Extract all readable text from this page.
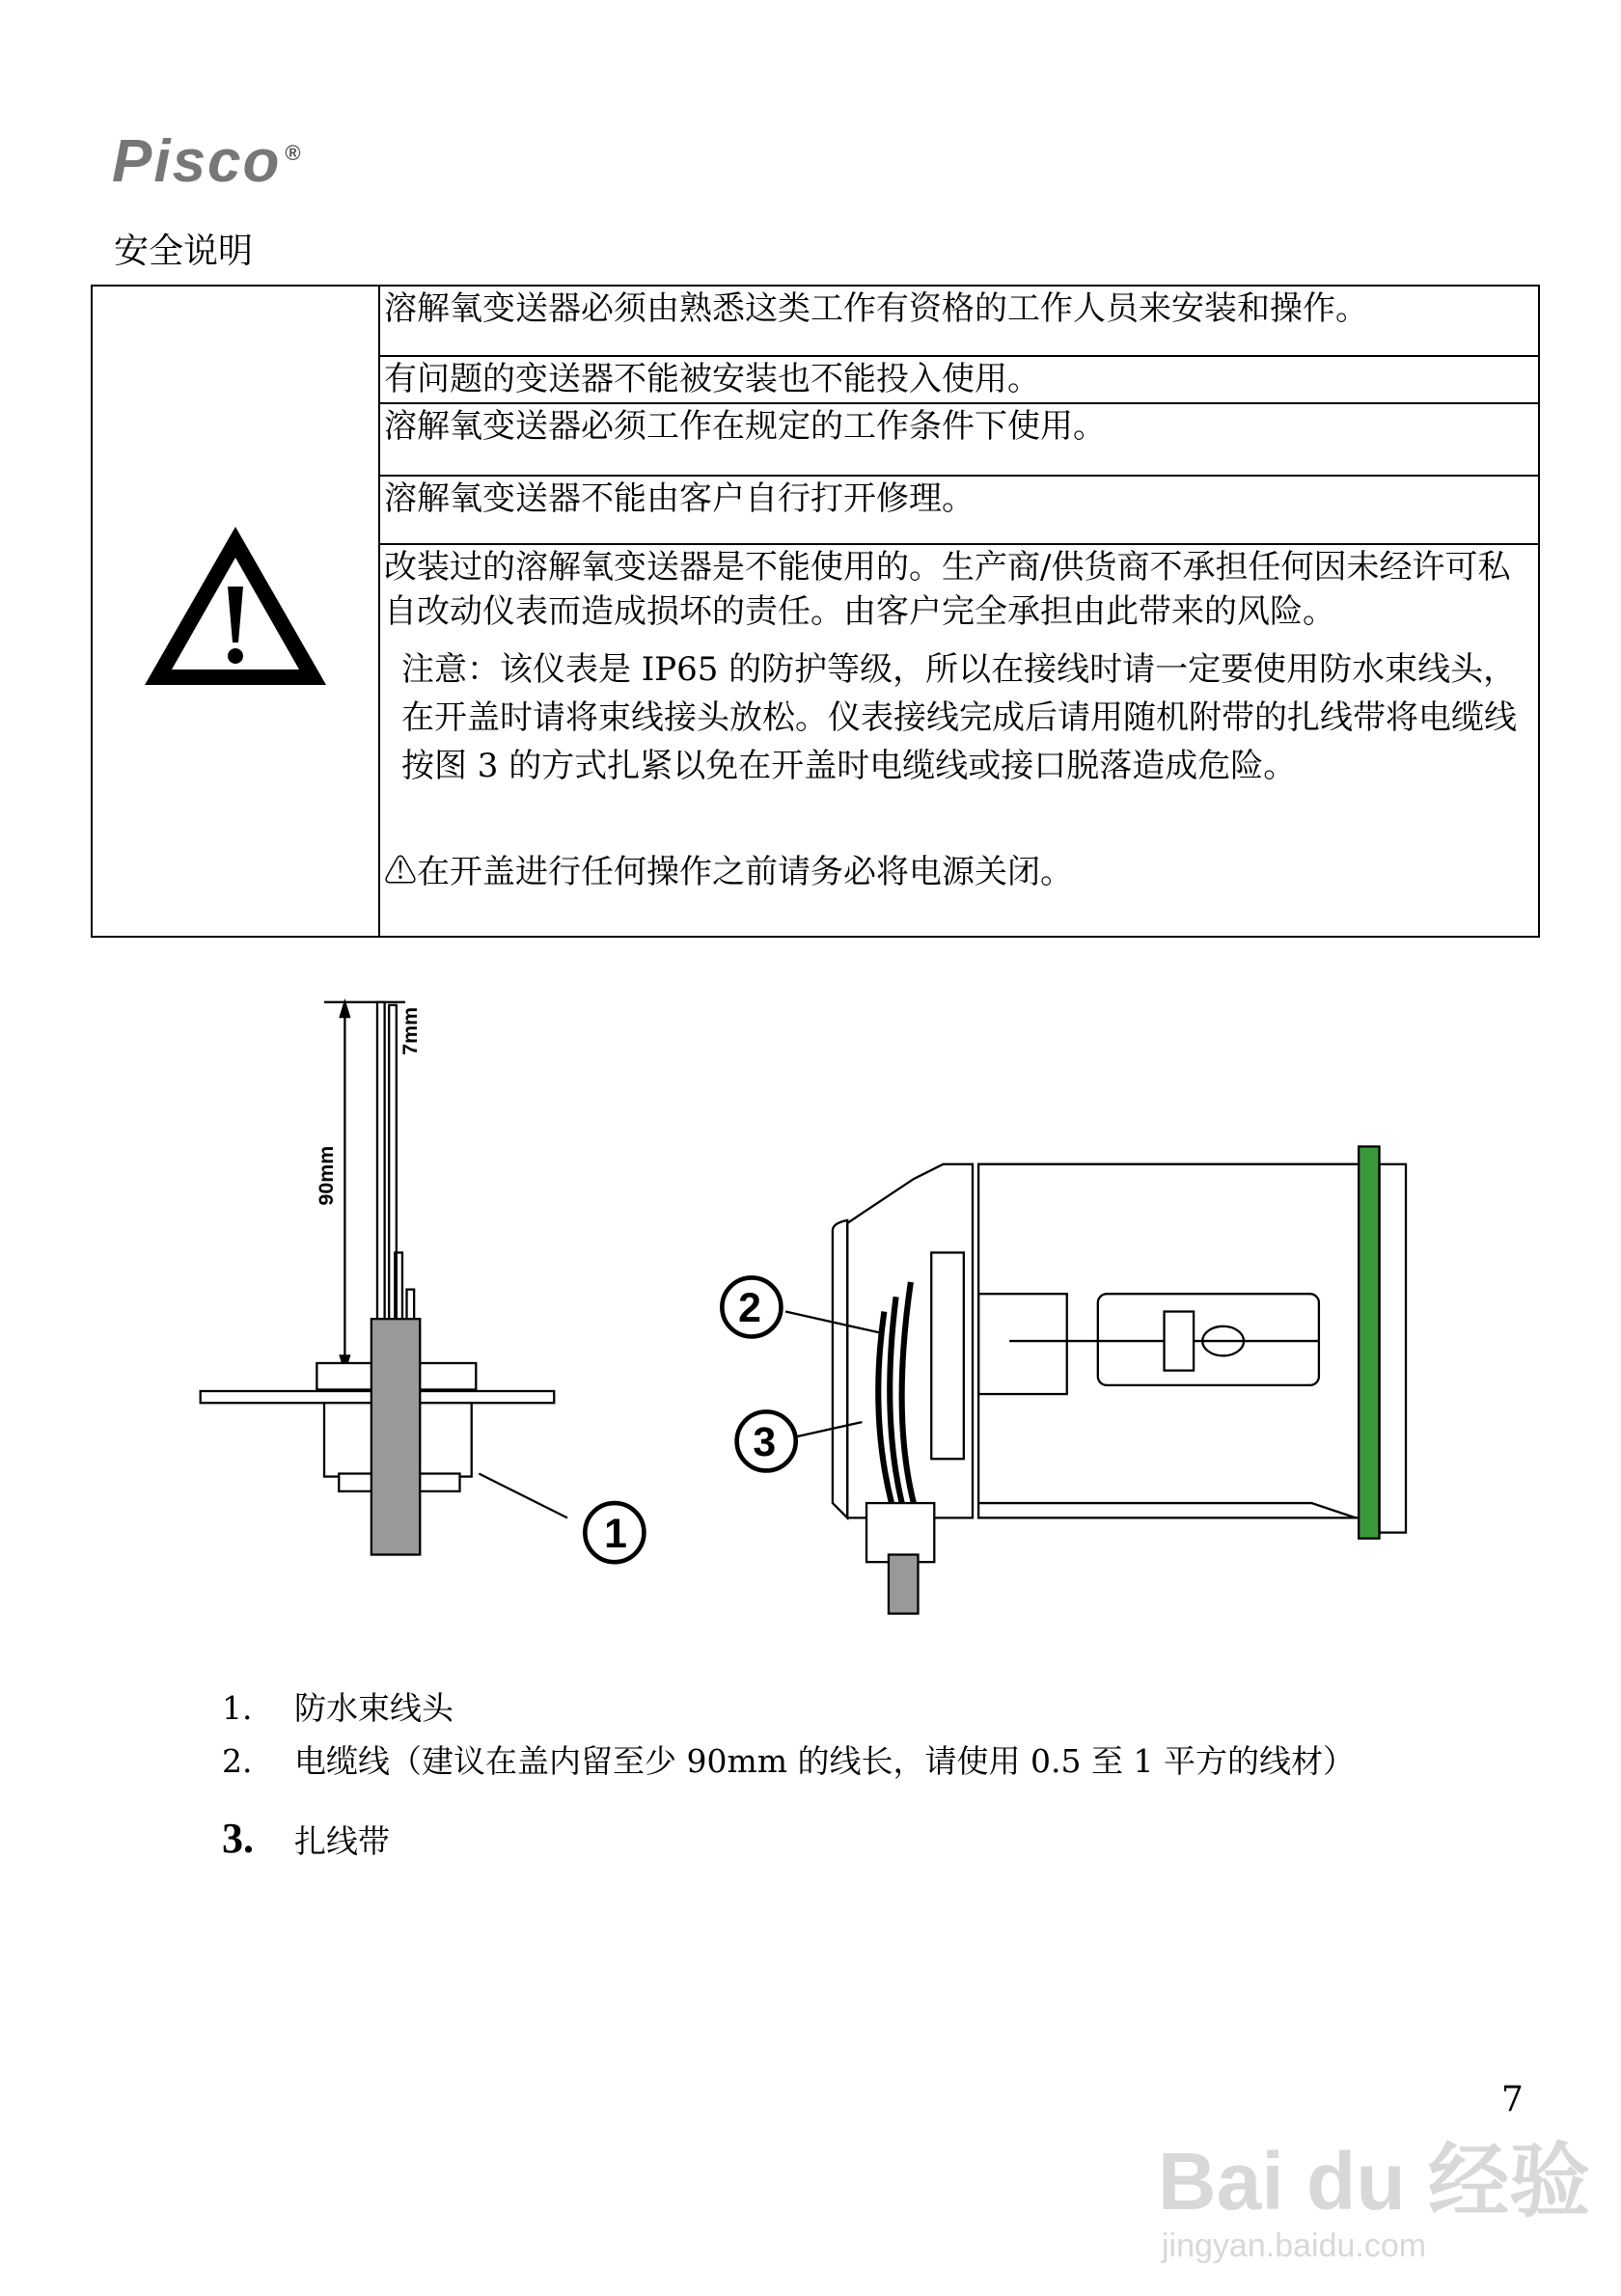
Pisco ®
安全说明
	溶解氧变送器必须由熟悉这类工作有资格的工作人员来安装和操作。
有问题的变送器不能被安装也不能投入使用。
溶解氧变送器必须工作在规定的工作条件下使用。
溶解氧变送器不能由客户自行打开修理。

改装过的溶解氧变送器是不能使用的。生产商/供货商不承担任何因未经许可私自改动仪表而造成损坏的责任。由客户完全承担由此带来的风险。
注意：该仪表是 IP65 的防护等级，所以在接线时请一定要使用防水束线头，在开盖时请将束线接头放松。仪表接线完成后请用随机附带的扎线带将电缆线按图 3 的方式扎紧以免在开盖时电缆线或接口脱落造成危险。
⚠在开盖进行任何操作之前请务必将电源关闭。
90mm
7mm
1
2
3
1. 防水束线头
2. 电缆线（建议在盖内留至少 90mm 的线长，请使用 0.5 至 1 平方的线材）
3. 扎线带
7
Bai du 经验
jingyan.baidu.com
